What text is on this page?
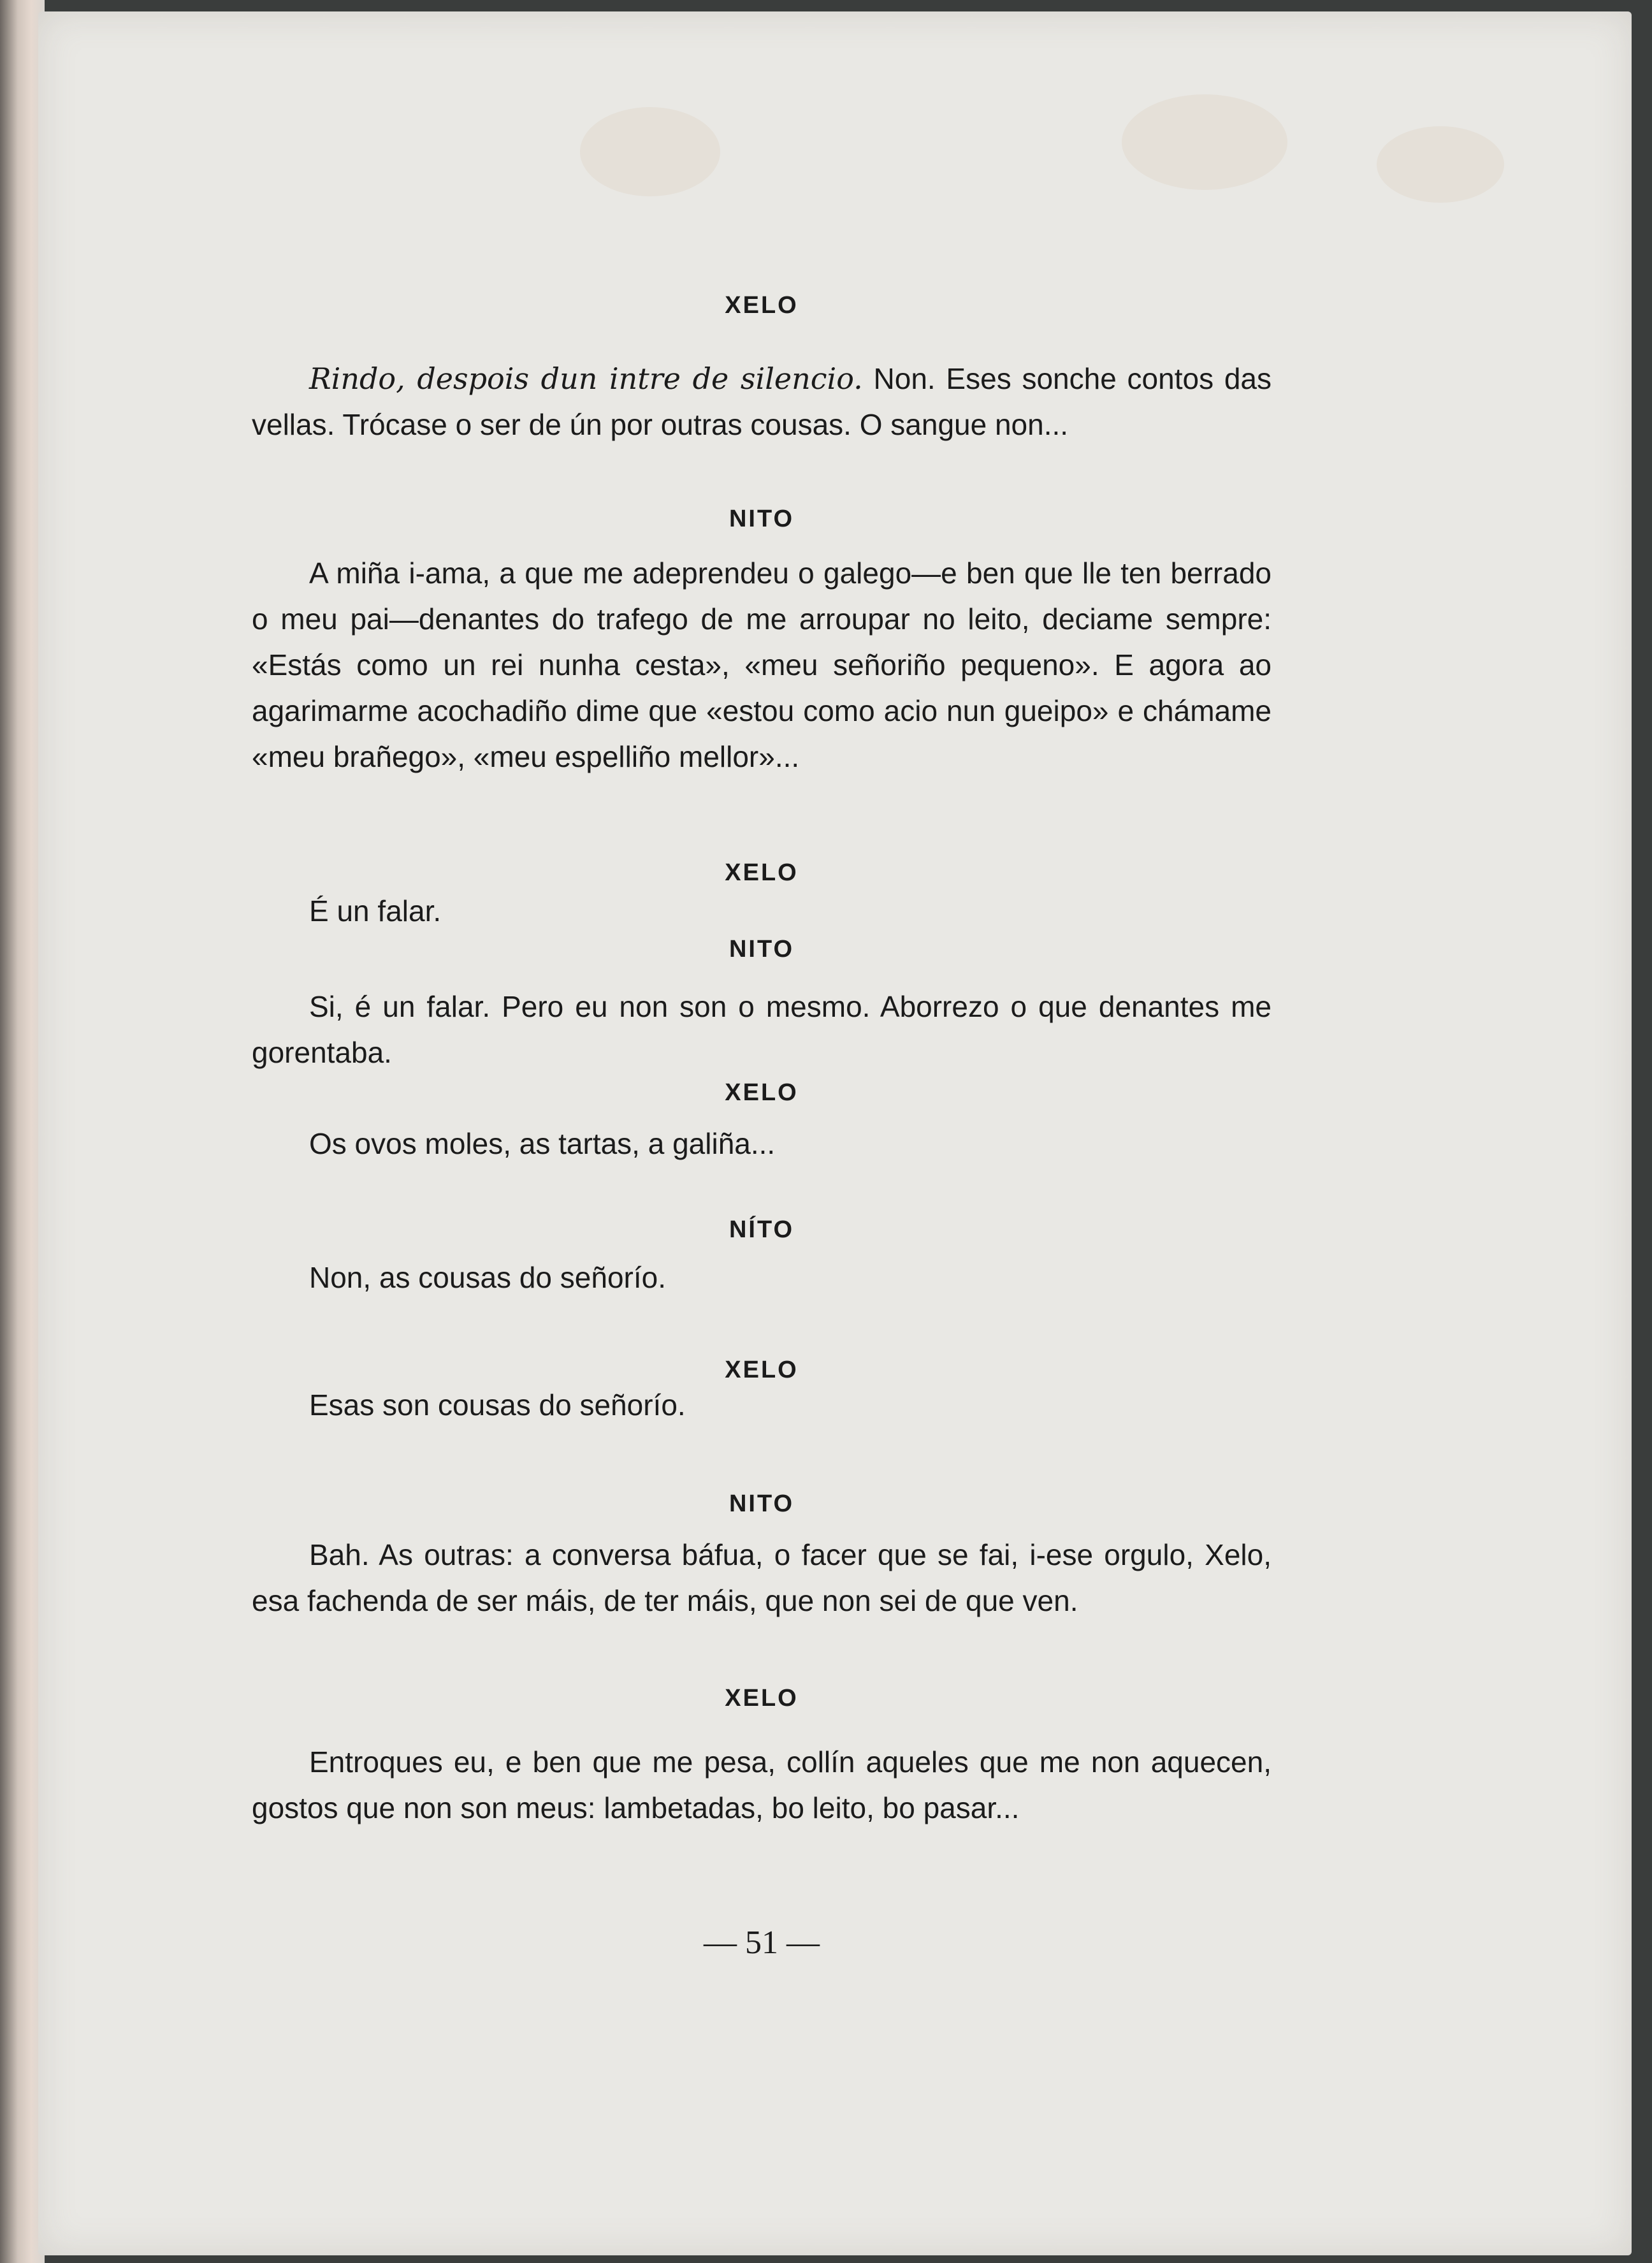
XELO
Rindo, despois dun intre de silencio. Non. Eses sonche contos das vellas. Trócase o ser de ún por outras cousas. O sangue non...
NITO
A miña i-ama, a que me adeprendeu o galego—e ben que lle ten berrado o meu pai—denantes do trafego de me arroupar no leito, deciame sempre: «Estás como un rei nunha cesta», «meu señoriño pequeno». E agora ao agarimarme acochadiño dime que «estou como acio nun gueipo» e chámame «meu brañego», «meu espelliño mellor»...
XELO
É un falar.
NITO
Si, é un falar. Pero eu non son o mesmo. Aborrezo o que denantes me gorentaba.
XELO
Os ovos moles, as tartas, a galiña...
NÍTO
Non, as cousas do señorío.
XELO
Esas son cousas do señorío.
NITO
Bah. As outras: a conversa báfua, o facer que se fai, i-ese orgulo, Xelo, esa fachenda de ser máis, de ter máis, que non sei de que ven.
XELO
Entroques eu, e ben que me pesa, collín aqueles que me non aquecen, gostos que non son meus: lambetadas, bo leito, bo pasar...
— 51 —
